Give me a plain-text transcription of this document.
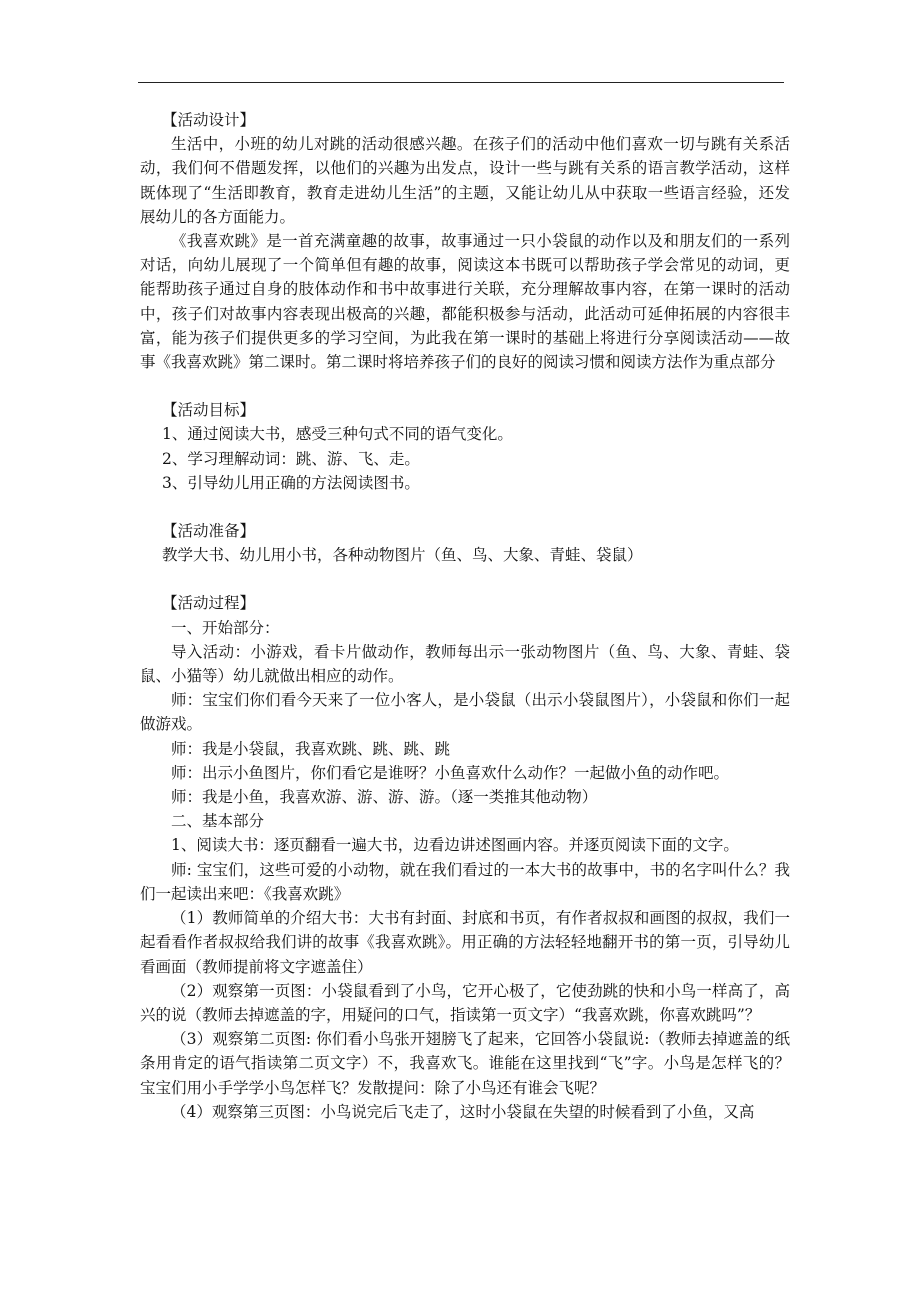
【活动设计】

生活中，小班的幼儿对跳的活动很感兴趣。在孩子们的活动中他们喜欢一切与跳有关系活动，我们何不借题发挥，以他们的兴趣为出发点，设计一些与跳有关系的语言教学活动，这样既体现了“生活即教育，教育走进幼儿生活”的主题，又能让幼儿从中获取一些语言经验，还发展幼儿的各方面能力。

《我喜欢跳》是一首充满童趣的故事，故事通过一只小袋鼠的动作以及和朋友们的一系列对话，向幼儿展现了一个简单但有趣的故事，阅读这本书既可以帮助孩子学会常见的动词，更能帮助孩子通过自身的肢体动作和书中故事进行关联，充分理解故事内容，在第一课时的活动中，孩子们对故事内容表现出极高的兴趣，都能积极参与活动，此活动可延伸拓展的内容很丰富，能为孩子们提供更多的学习空间，为此我在第一课时的基础上将进行分享阅读活动——故事《我喜欢跳》第二课时。第二课时将培养孩子们的良好的阅读习惯和阅读方法作为重点部分

【活动目标】

1、通过阅读大书，感受三种句式不同的语气变化。

2、学习理解动词：跳、游、飞、走。

3、引导幼儿用正确的方法阅读图书。

【活动准备】

教学大书、幼儿用小书，各种动物图片（鱼、鸟、大象、青蛙、袋鼠）

【活动过程】

一、开始部分：

导入活动：小游戏，看卡片做动作，教师每出示一张动物图片（鱼、鸟、大象、青蛙、袋鼠、小猫等）幼儿就做出相应的动作。

师：宝宝们你们看今天来了一位小客人，是小袋鼠（出示小袋鼠图片），小袋鼠和你们一起做游戏。

师：我是小袋鼠，我喜欢跳、跳、跳、跳

师：出示小鱼图片，你们看它是谁呀？小鱼喜欢什么动作？一起做小鱼的动作吧。

师：我是小鱼，我喜欢游、游、游、游。（逐一类推其他动物）

二、基本部分

1、阅读大书：逐页翻看一遍大书，边看边讲述图画内容。并逐页阅读下面的文字。

师: 宝宝们，这些可爱的小动物，就在我们看过的一本大书的故事中，书的名字叫什么？我们一起读出来吧：《我喜欢跳》

（1）教师简单的介绍大书：大书有封面、封底和书页，有作者叔叔和画图的叔叔，我们一起看看作者叔叔给我们讲的故事《我喜欢跳》。用正确的方法轻轻地翻开书的第一页，引导幼儿看画面（教师提前将文字遮盖住）

（2）观察第一页图：小袋鼠看到了小鸟，它开心极了，它使劲跳的快和小鸟一样高了，高兴的说（教师去掉遮盖的字，用疑问的口气，指读第一页文字）“我喜欢跳，你喜欢跳吗”？

（3）观察第二页图: 你们看小鸟张开翅膀飞了起来，它回答小袋鼠说:（教师去掉遮盖的纸条用肯定的语气指读第二页文字）不，我喜欢飞。谁能在这里找到“飞”字。小鸟是怎样飞的？宝宝们用小手学学小鸟怎样飞？发散提问：除了小鸟还有谁会飞呢？

（4）观察第三页图：小鸟说完后飞走了，这时小袋鼠在失望的时候看到了小鱼，又高
